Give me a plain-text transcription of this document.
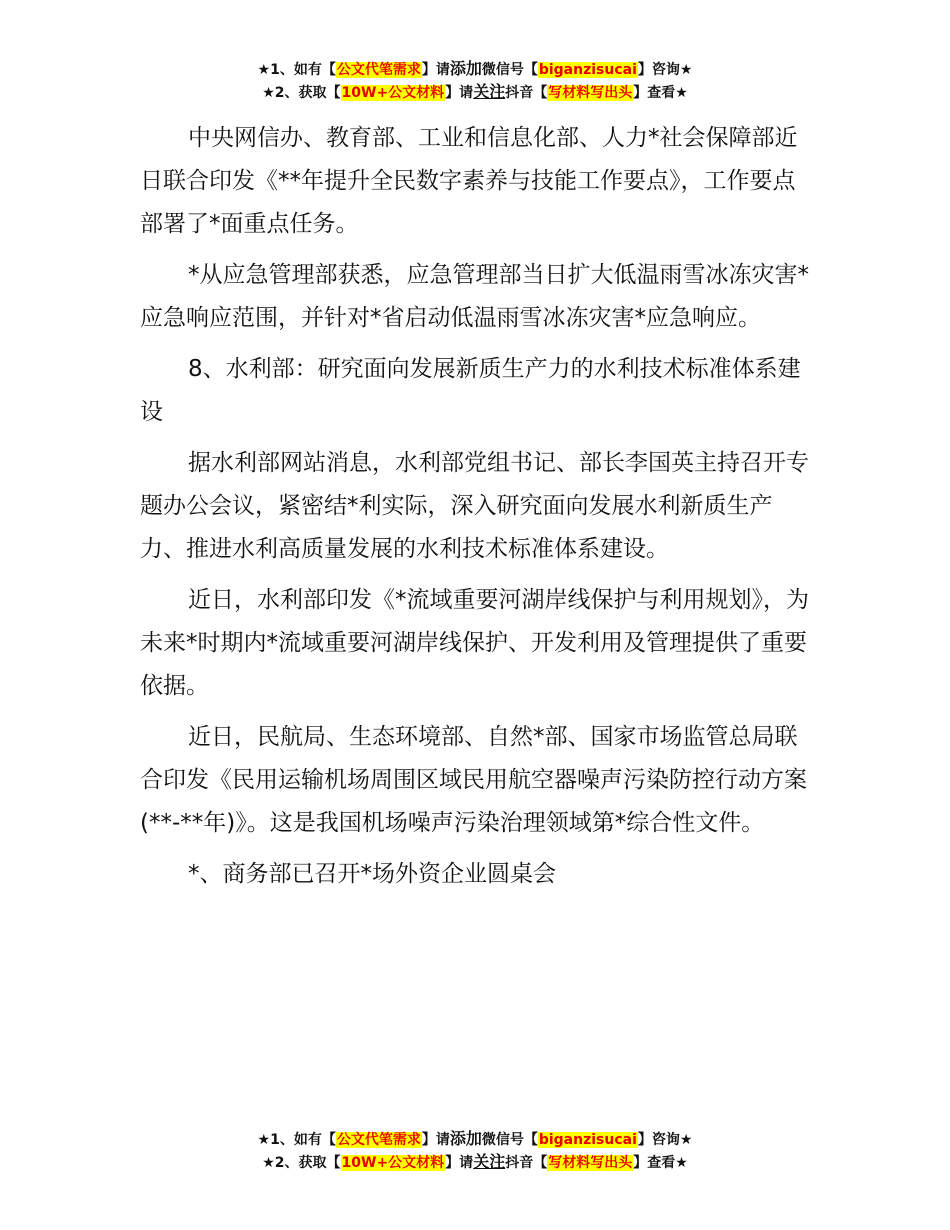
★1、如有【公文代笔需求】请添加微信号【biganzisucai】咨询★
★2、获取【10W+公文材料】请关注抖音【写材料写出头】查看★

中央网信办、教育部、工业和信息化部、人力*社会保障部近日联合印发《**年提升全民数字素养与技能工作要点》，工作要点部署了*面重点任务。

*从应急管理部获悉，应急管理部当日扩大低温雨雪冰冻灾害*应急响应范围，并针对*省启动低温雨雪冰冻灾害*应急响应。

8、水利部：研究面向发展新质生产力的水利技术标准体系建设

据水利部网站消息，水利部党组书记、部长李国英主持召开专题办公会议，紧密结*利实际，深入研究面向发展水利新质生产力、推进水利高质量发展的水利技术标准体系建设。

近日，水利部印发《*流域重要河湖岸线保护与利用规划》，为未来*时期内*流域重要河湖岸线保护、开发利用及管理提供了重要依据。

近日，民航局、生态环境部、自然*部、国家市场监管总局联合印发《民用运输机场周围区域民用航空器噪声污染防控行动方案(**-**年)》。这是我国机场噪声污染治理领域第*综合性文件。

*、商务部已召开*场外资企业圆桌会

★1、如有【公文代笔需求】请添加微信号【biganzisucai】咨询★
★2、获取【10W+公文材料】请关注抖音【写材料写出头】查看★
